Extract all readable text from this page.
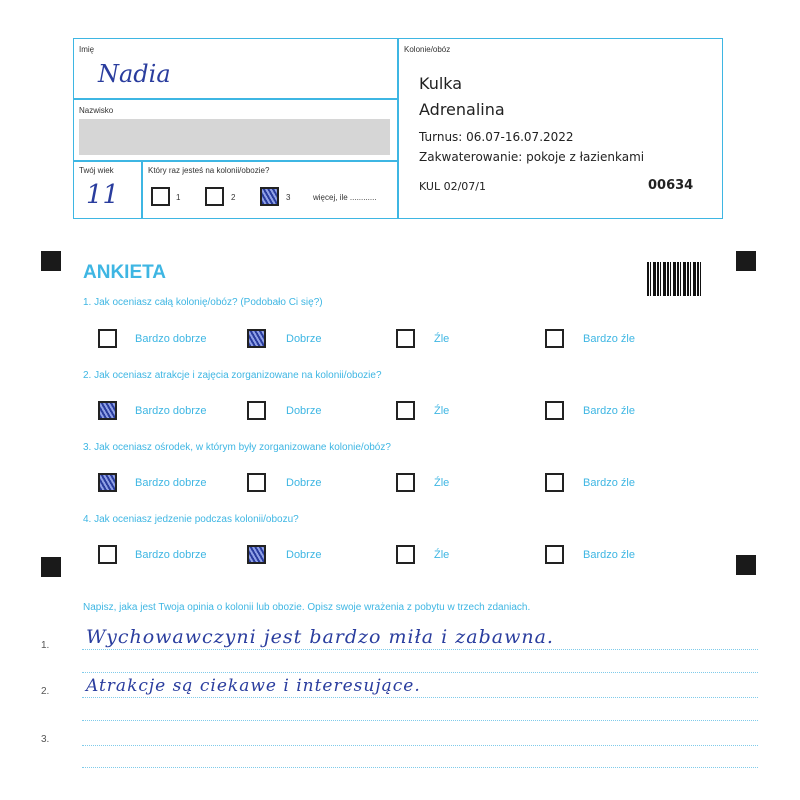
Imię
Nadia
Nazwisko
Twój wiek
11
Który raz jesteś na kolonii/obozie?
1	2	3	więcej, ile ............
Kolonie/obóz
Kulka
Adrenalina
Turnus: 06.07-16.07.2022
Zakwaterowanie: pokoje z łazienkami
KUL 02/07/1	00634
ANKIETA
1. Jak oceniasz całą kolonię/obóz? (Podobało Ci się?)
Bardzo dobrze	Dobrze	Źle	Bardzo źle
2. Jak oceniasz atrakcje i zajęcia zorganizowane na kolonii/obozie?
Bardzo dobrze	Dobrze	Źle	Bardzo źle
3. Jak oceniasz ośrodek, w którym były zorganizowane kolonie/obóz?
Bardzo dobrze	Dobrze	Źle	Bardzo źle
4. Jak oceniasz jedzenie podczas kolonii/obozu?
Bardzo dobrze	Dobrze	Źle	Bardzo źle
Napisz, jaka jest Twoja opinia o kolonii lub obozie. Opisz swoje wrażenia z pobytu w trzech zdaniach.
1. Wychowawczyni jest bardzo miła i zabawna.
2. Atrakcje są ciekawe i interesujące.
3.
